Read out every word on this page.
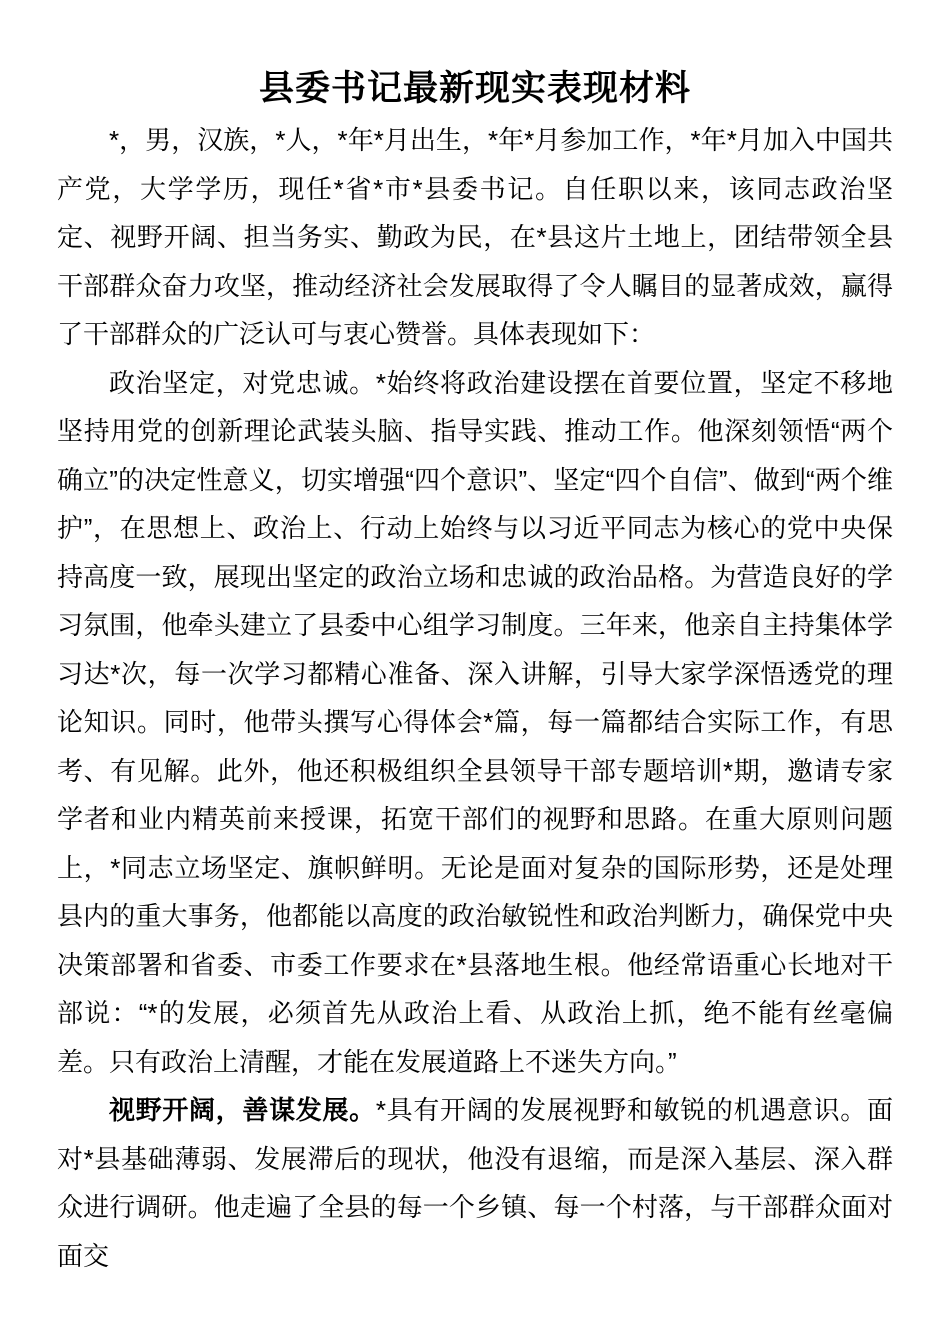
县委书记最新现实表现材料

*，男，汉族，*人，*年*月出生，*年*月参加工作，*年*月加入中国共产党，大学学历，现任*省*市*县委书记。自任职以来，该同志政治坚定、视野开阔、担当务实、勤政为民，在*县这片土地上，团结带领全县干部群众奋力攻坚，推动经济社会发展取得了令人瞩目的显著成效，赢得了干部群众的广泛认可与衷心赞誉。具体表现如下：

政治坚定，对党忠诚。*始终将政治建设摆在首要位置，坚定不移地坚持用党的创新理论武装头脑、指导实践、推动工作。他深刻领悟“两个确立”的决定性意义，切实增强“四个意识”、坚定“四个自信”、做到“两个维护”，在思想上、政治上、行动上始终与以习近平同志为核心的党中央保持高度一致，展现出坚定的政治立场和忠诚的政治品格。为营造良好的学习氛围，他牵头建立了县委中心组学习制度。三年来，他亲自主持集体学习达*次，每一次学习都精心准备、深入讲解，引导大家学深悟透党的理论知识。同时，他带头撰写心得体会*篇，每一篇都结合实际工作，有思考、有见解。此外，他还积极组织全县领导干部专题培训*期，邀请专家学者和业内精英前来授课，拓宽干部们的视野和思路。在重大原则问题上，*同志立场坚定、旗帜鲜明。无论是面对复杂的国际形势，还是处理县内的重大事务，他都能以高度的政治敏锐性和政治判断力，确保党中央决策部署和省委、市委工作要求在*县落地生根。他经常语重心长地对干部说：“*的发展，必须首先从政治上看、从政治上抓，绝不能有丝毫偏差。只有政治上清醒，才能在发展道路上不迷失方向。”

视野开阔，善谋发展。*具有开阔的发展视野和敏锐的机遇意识。面对*县基础薄弱、发展滞后的现状，他没有退缩，而是深入基层、深入群众进行调研。他走遍了全县的每一个乡镇、每一个村落，与干部群众面对面交
